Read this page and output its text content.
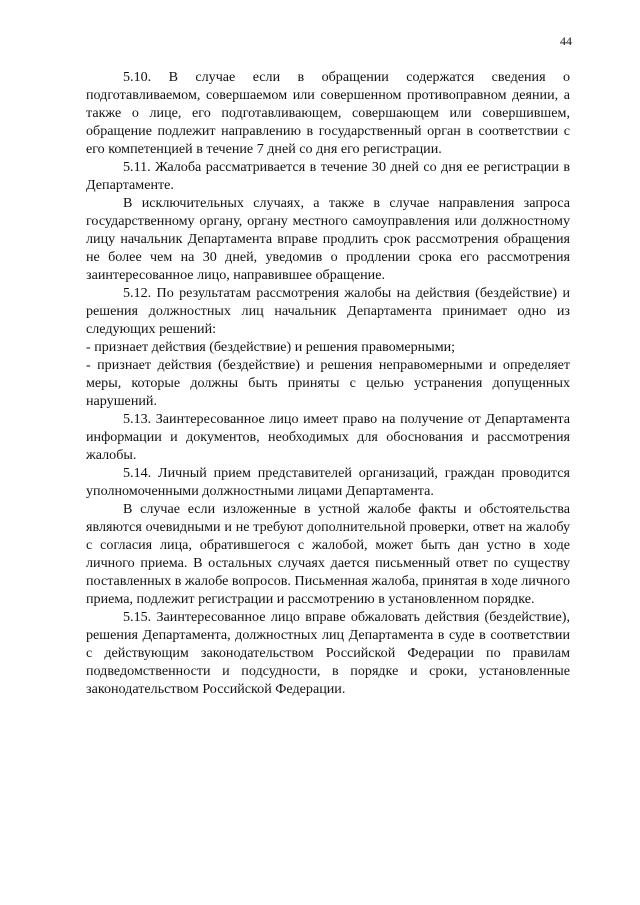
44

5.10. В случае если в обращении содержатся сведения о подготавливаемом, совершаемом или совершенном противоправном деянии, а также о лице, его подготавливающем, совершающем или совершившем, обращение подлежит направлению в государственный орган в соответствии с его компетенцией в течение 7 дней со дня его регистрации.

5.11. Жалоба рассматривается в течение 30 дней со дня ее регистрации в Департаменте.

В исключительных случаях, а также в случае направления запроса государственному органу, органу местного самоуправления или должностному лицу начальник Департамента вправе продлить срок рассмотрения обращения не более чем на 30 дней, уведомив о продлении срока его рассмотрения заинтересованное лицо, направившее обращение.

5.12. По результатам рассмотрения жалобы на действия (бездействие) и решения должностных лиц начальник Департамента принимает одно из следующих решений:

- признает действия (бездействие) и решения правомерными;

- признает действия (бездействие) и решения неправомерными и определяет меры, которые должны быть приняты с целью устранения допущенных нарушений.

5.13. Заинтересованное лицо имеет право на получение от Департамента информации и документов, необходимых для обоснования и рассмотрения жалобы.

5.14. Личный прием представителей организаций, граждан проводится уполномоченными должностными лицами Департамента.

В случае если изложенные в устной жалобе факты и обстоятельства являются очевидными и не требуют дополнительной проверки, ответ на жалобу с согласия лица, обратившегося с жалобой, может быть дан устно в ходе личного приема. В остальных случаях дается письменный ответ по существу поставленных в жалобе вопросов. Письменная жалоба, принятая в ходе личного приема, подлежит регистрации и рассмотрению в установленном порядке.

5.15. Заинтересованное лицо вправе обжаловать действия (бездействие), решения Департамента, должностных лиц Департамента в суде в соответствии с действующим законодательством Российской Федерации по правилам подведомственности и подсудности, в порядке и сроки, установленные законодательством Российской Федерации.
